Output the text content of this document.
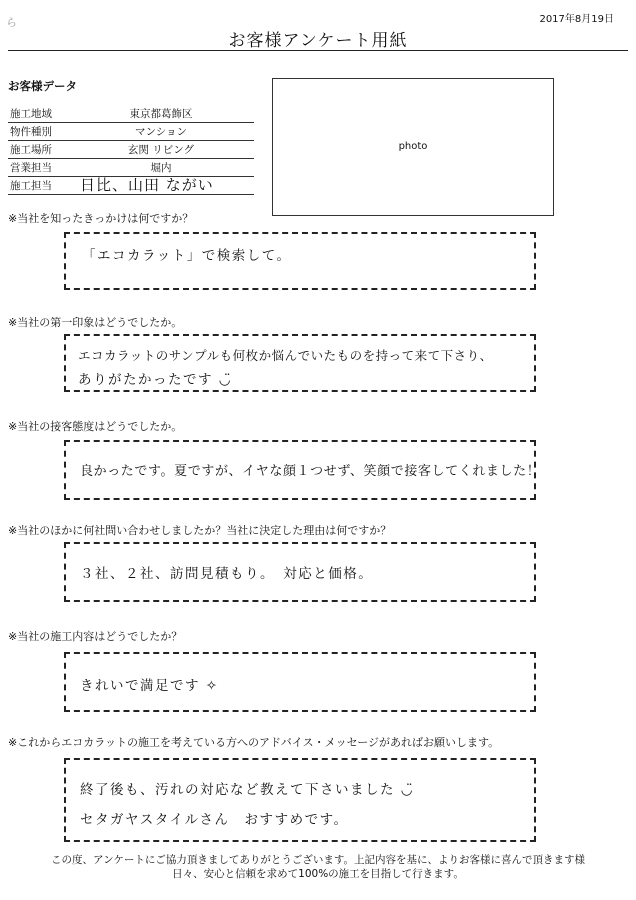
ら	2017年8月19日
お客様アンケート用紙
お客様データ
施工地域	東京都葛飾区
物件種別	マンション
施工場所	玄関 リビング
営業担当	堀内
施工担当 日比、山田 ながい
photo
※当社を知ったきっかけは何ですか？
「エコカラット」で検索して。
※当社の第一印象はどうでしたか。
エコカラットのサンプルも何枚か悩んでいたものを持って来て下さり、
ありがたかったです ◡̈
※当社の接客態度はどうでしたか。
良かったです。夏ですが、イヤな顔１つせず、笑顔で接客してくれました！
※当社のほかに何社問い合わせしましたか？当社に決定した理由は何ですか？
３社、２社、訪問見積もり。　対応と価格。
※当社の施工内容はどうでしたか？
きれいで満足です ✧
※これからエコカラットの施工を考えている方へのアドバイス・メッセージがあればお願いします。
終了後も、汚れの対応など教えて下さいました ◡̈
セタガヤスタイルさん　おすすめです。
この度、アンケートにご協力頂きましてありがとうございます。上記内容を基に、よりお客様に喜んで頂きます様
日々、安心と信頼を求めて100%の施工を目指して行きます。
